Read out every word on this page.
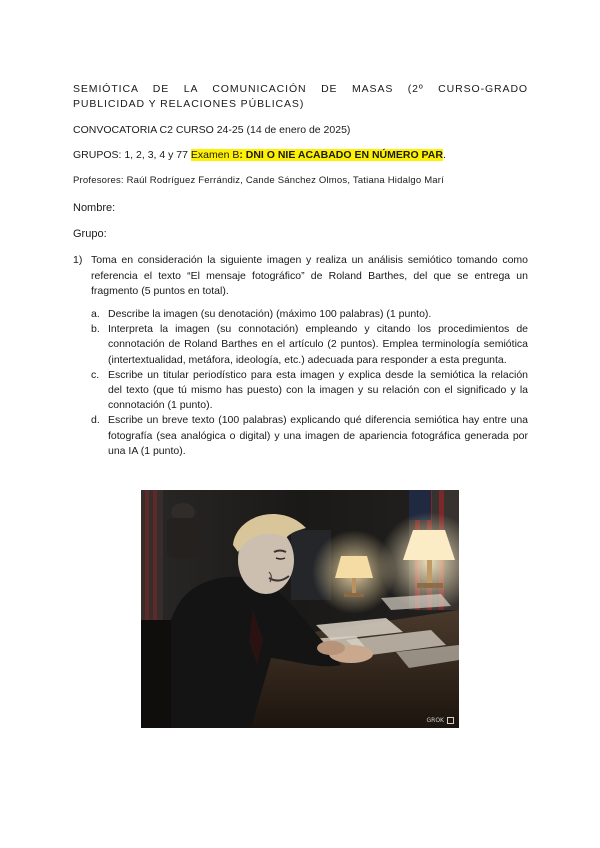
SEMIÓTICA DE LA COMUNICACIÓN DE MASAS (2º CURSO-GRADO PUBLICIDAD Y RELACIONES PÚBLICAS)
CONVOCATORIA C2 CURSO 24-25 (14 de enero de 2025)
GRUPOS: 1, 2, 3, 4 y 77 Examen B: DNI O NIE ACABADO EN NÚMERO PAR.
Profesores: Raúl Rodríguez Ferrándiz, Cande Sánchez Olmos, Tatiana Hidalgo Marí
Nombre:
Grupo:
1) Toma en consideración la siguiente imagen y realiza un análisis semiótico tomando como referencia el texto “El mensaje fotográfico” de Roland Barthes, del que se entrega un fragmento (5 puntos en total).
a. Describe la imagen (su denotación) (máximo 100 palabras) (1 punto).
b. Interpreta la imagen (su connotación) empleando y citando los procedimientos de connotación de Roland Barthes en el artículo (2 puntos). Emplea terminología semiótica (intertextualidad, metáfora, ideología, etc.) adecuada para responder a esta pregunta.
c. Escribe un titular periodístico para esta imagen y explica desde la semiótica la relación del texto (que tú mismo has puesto) con la imagen y su relación con el significado y la connotación (1 punto).
d. Escribe un breve texto (100 palabras) explicando qué diferencia semiótica hay entre una fotografía (sea analógica o digital) y una imagen de apariencia fotográfica generada por una IA (1 punto).
GROK
